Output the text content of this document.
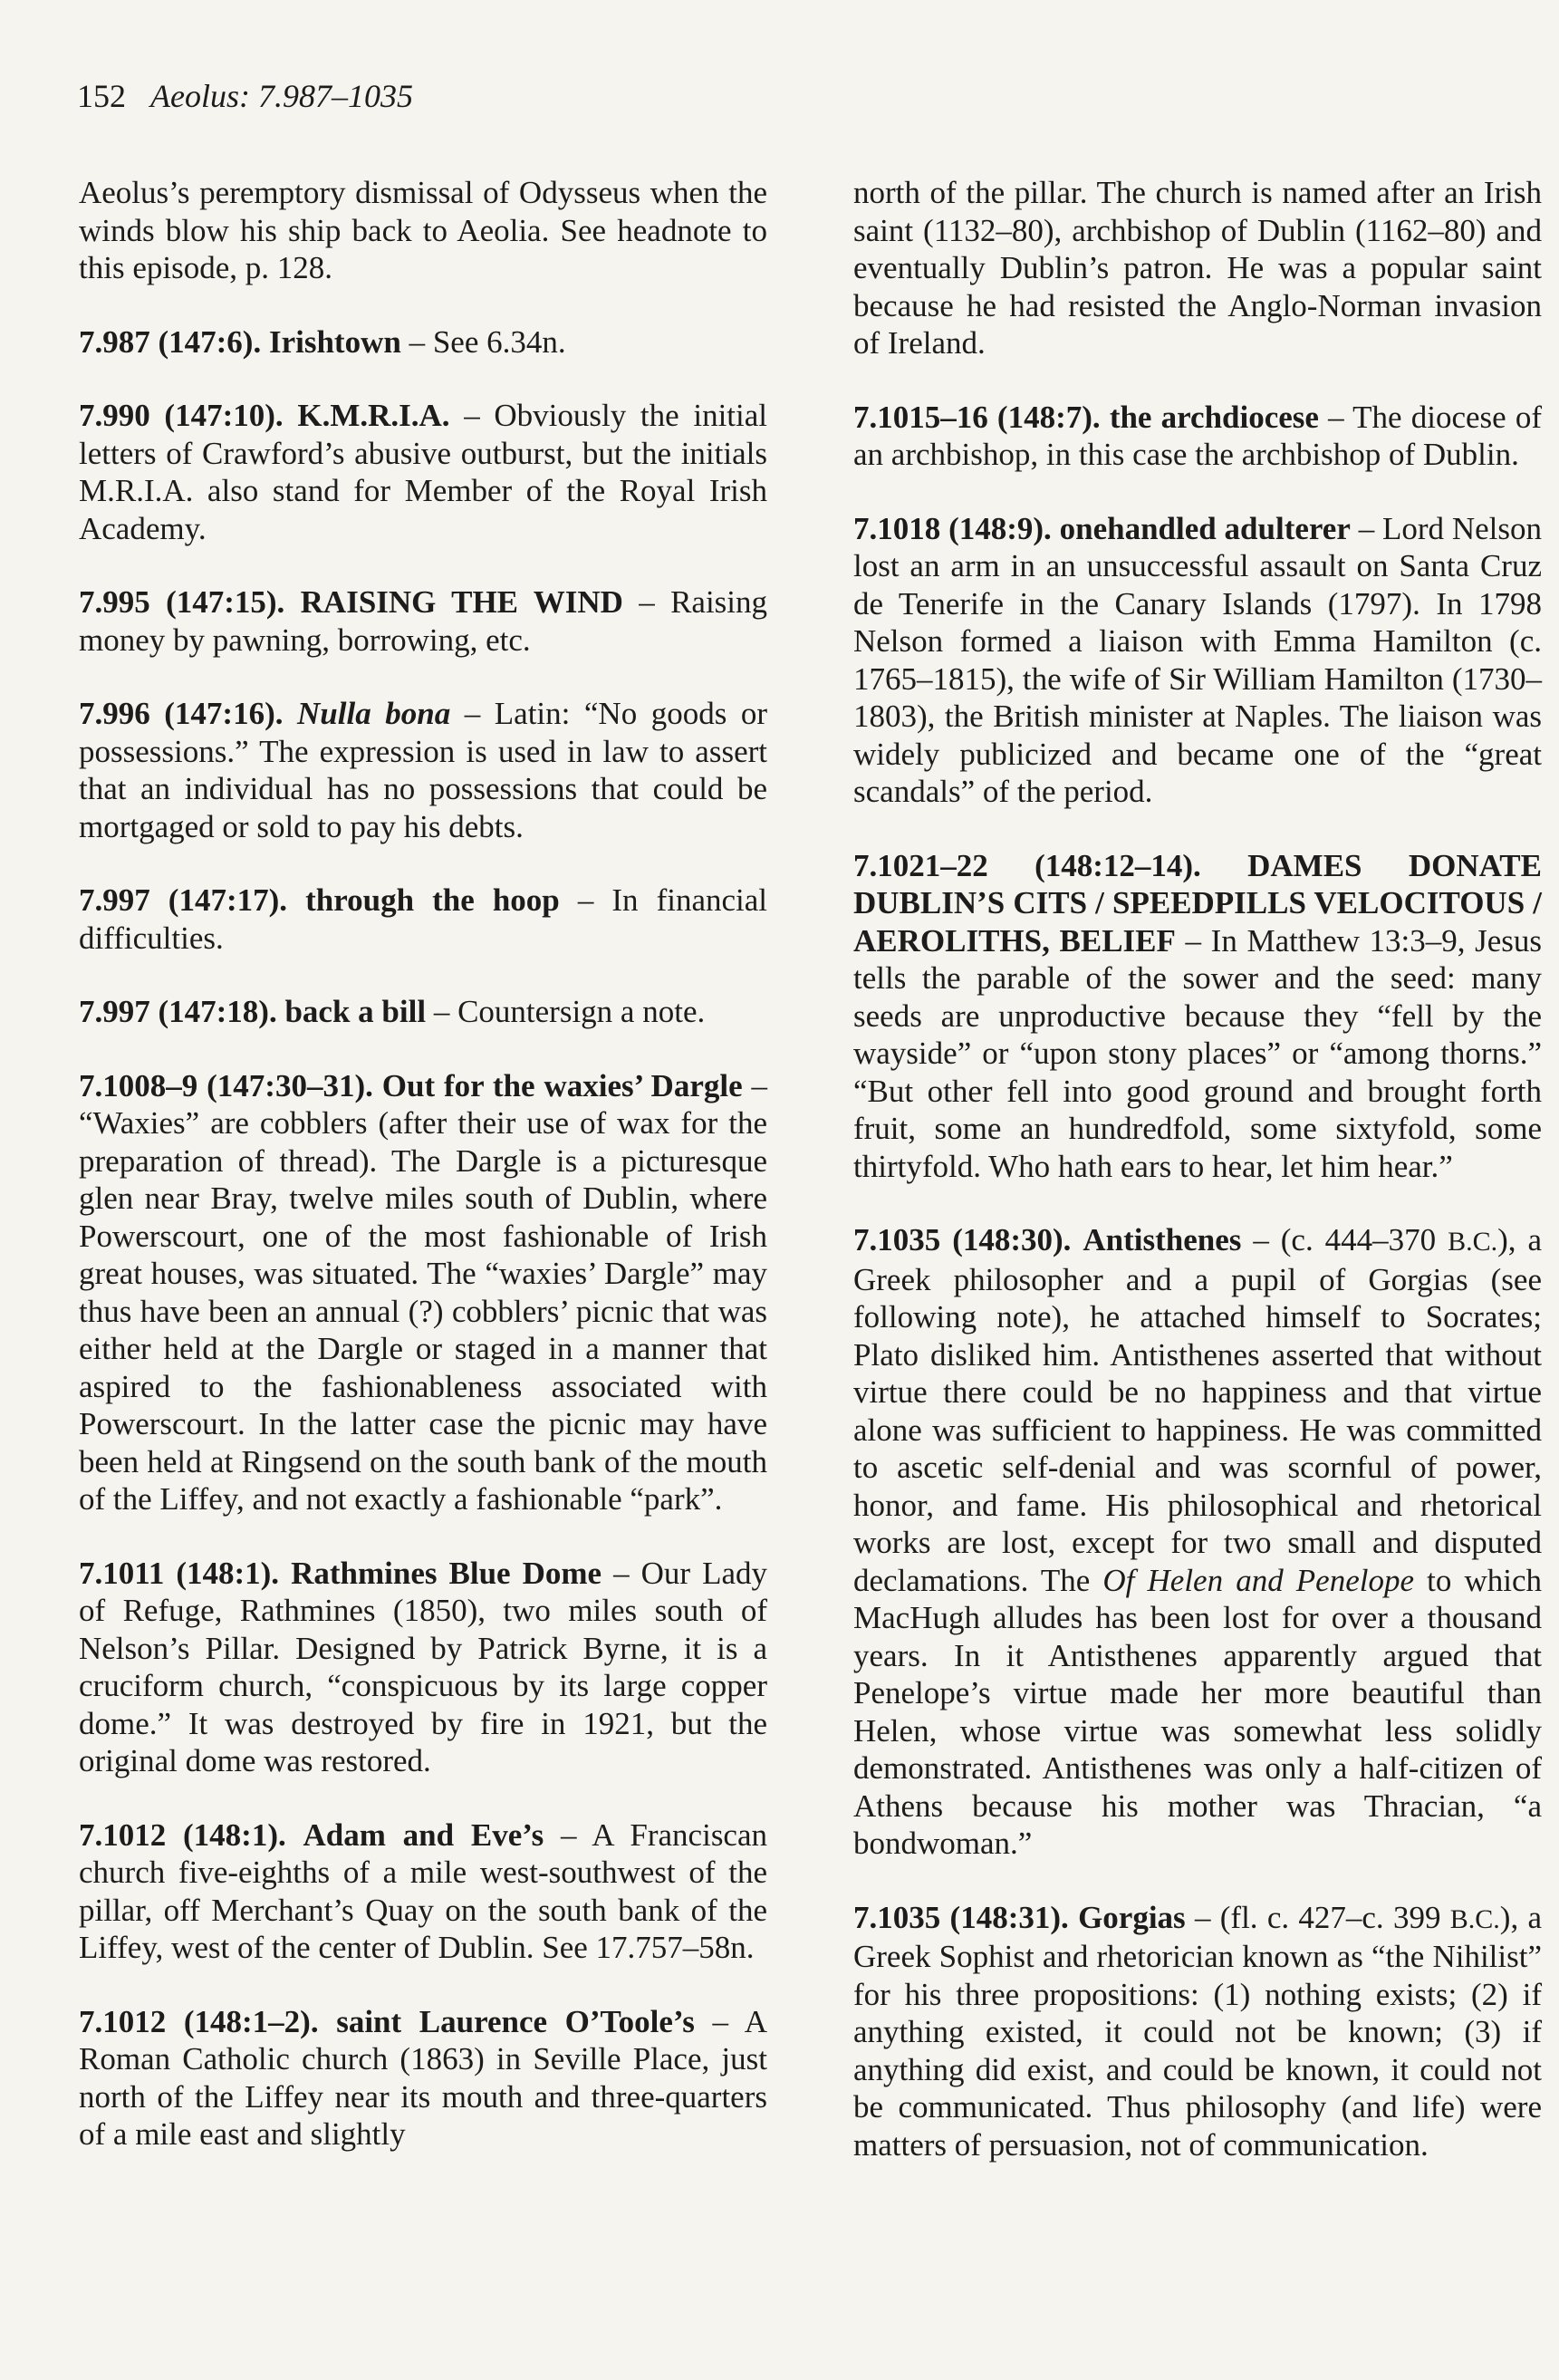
152 Aeolus: 7.987–1035

Aeolus’s peremptory dismissal of Odysseus when the winds blow his ship back to Aeolia. See headnote to this episode, p. 128.

7.987 (147:6). Irishtown – See 6.34n.

7.990 (147:10). K.M.R.I.A. – Obviously the initial letters of Crawford’s abusive outburst, but the initials M.R.I.A. also stand for Member of the Royal Irish Academy.

7.995 (147:15). RAISING THE WIND – Raising money by pawning, borrowing, etc.

7.996 (147:16). Nulla bona – Latin: “No goods or possessions.” The expression is used in law to assert that an individual has no possessions that could be mortgaged or sold to pay his debts.

7.997 (147:17). through the hoop – In financial difficulties.

7.997 (147:18). back a bill – Countersign a note.

7.1008–9 (147:30–31). Out for the waxies’ Dargle – “Waxies” are cobblers (after their use of wax for the preparation of thread). The Dargle is a picturesque glen near Bray, twelve miles south of Dublin, where Powerscourt, one of the most fashionable of Irish great houses, was situated. The “waxies’ Dargle” may thus have been an annual (?) cobblers’ picnic that was either held at the Dargle or staged in a manner that aspired to the fashionableness associated with Powerscourt. In the latter case the picnic may have been held at Ringsend on the south bank of the mouth of the Liffey, and not exactly a fashionable “park”.

7.1011 (148:1). Rathmines Blue Dome – Our Lady of Refuge, Rathmines (1850), two miles south of Nelson’s Pillar. Designed by Patrick Byrne, it is a cruciform church, “conspicuous by its large copper dome.” It was destroyed by fire in 1921, but the original dome was restored.

7.1012 (148:1). Adam and Eve’s – A Franciscan church five-eighths of a mile west-southwest of the pillar, off Merchant’s Quay on the south bank of the Liffey, west of the center of Dublin. See 17.757–58n.

7.1012 (148:1–2). saint Laurence O’Toole’s – A Roman Catholic church (1863) in Seville Place, just north of the Liffey near its mouth and three-quarters of a mile east and slightly

north of the pillar. The church is named after an Irish saint (1132–80), archbishop of Dublin (1162–80) and eventually Dublin’s patron. He was a popular saint because he had resisted the Anglo-Norman invasion of Ireland.

7.1015–16 (148:7). the archdiocese – The diocese of an archbishop, in this case the archbishop of Dublin.

7.1018 (148:9). onehandled adulterer – Lord Nelson lost an arm in an unsuccessful assault on Santa Cruz de Tenerife in the Canary Islands (1797). In 1798 Nelson formed a liaison with Emma Hamilton (c. 1765–1815), the wife of Sir William Hamilton (1730–1803), the British minister at Naples. The liaison was widely publicized and became one of the “great scandals” of the period.

7.1021–22 (148:12–14). DAMES DONATE DUBLIN’S CITS / SPEEDPILLS VELOCITOUS / AEROLITHS, BELIEF – In Matthew 13:3–9, Jesus tells the parable of the sower and the seed: many seeds are unproductive because they “fell by the wayside” or “upon stony places” or “among thorns.” “But other fell into good ground and brought forth fruit, some an hundredfold, some sixtyfold, some thirtyfold. Who hath ears to hear, let him hear.”

7.1035 (148:30). Antisthenes – (c. 444–370 B.C.), a Greek philosopher and a pupil of Gorgias (see following note), he attached himself to Socrates; Plato disliked him. Antisthenes asserted that without virtue there could be no happiness and that virtue alone was sufficient to happiness. He was committed to ascetic self-denial and was scornful of power, honor, and fame. His philosophical and rhetorical works are lost, except for two small and disputed declamations. The Of Helen and Penelope to which MacHugh alludes has been lost for over a thousand years. In it Antisthenes apparently argued that Penelope’s virtue made her more beautiful than Helen, whose virtue was somewhat less solidly demonstrated. Antisthenes was only a half-citizen of Athens because his mother was Thracian, “a bondwoman.”

7.1035 (148:31). Gorgias – (fl. c. 427–c. 399 B.C.), a Greek Sophist and rhetorician known as “the Nihilist” for his three propositions: (1) nothing exists; (2) if anything existed, it could not be known; (3) if anything did exist, and could be known, it could not be communicated. Thus philosophy (and life) were matters of persuasion, not of communication.
